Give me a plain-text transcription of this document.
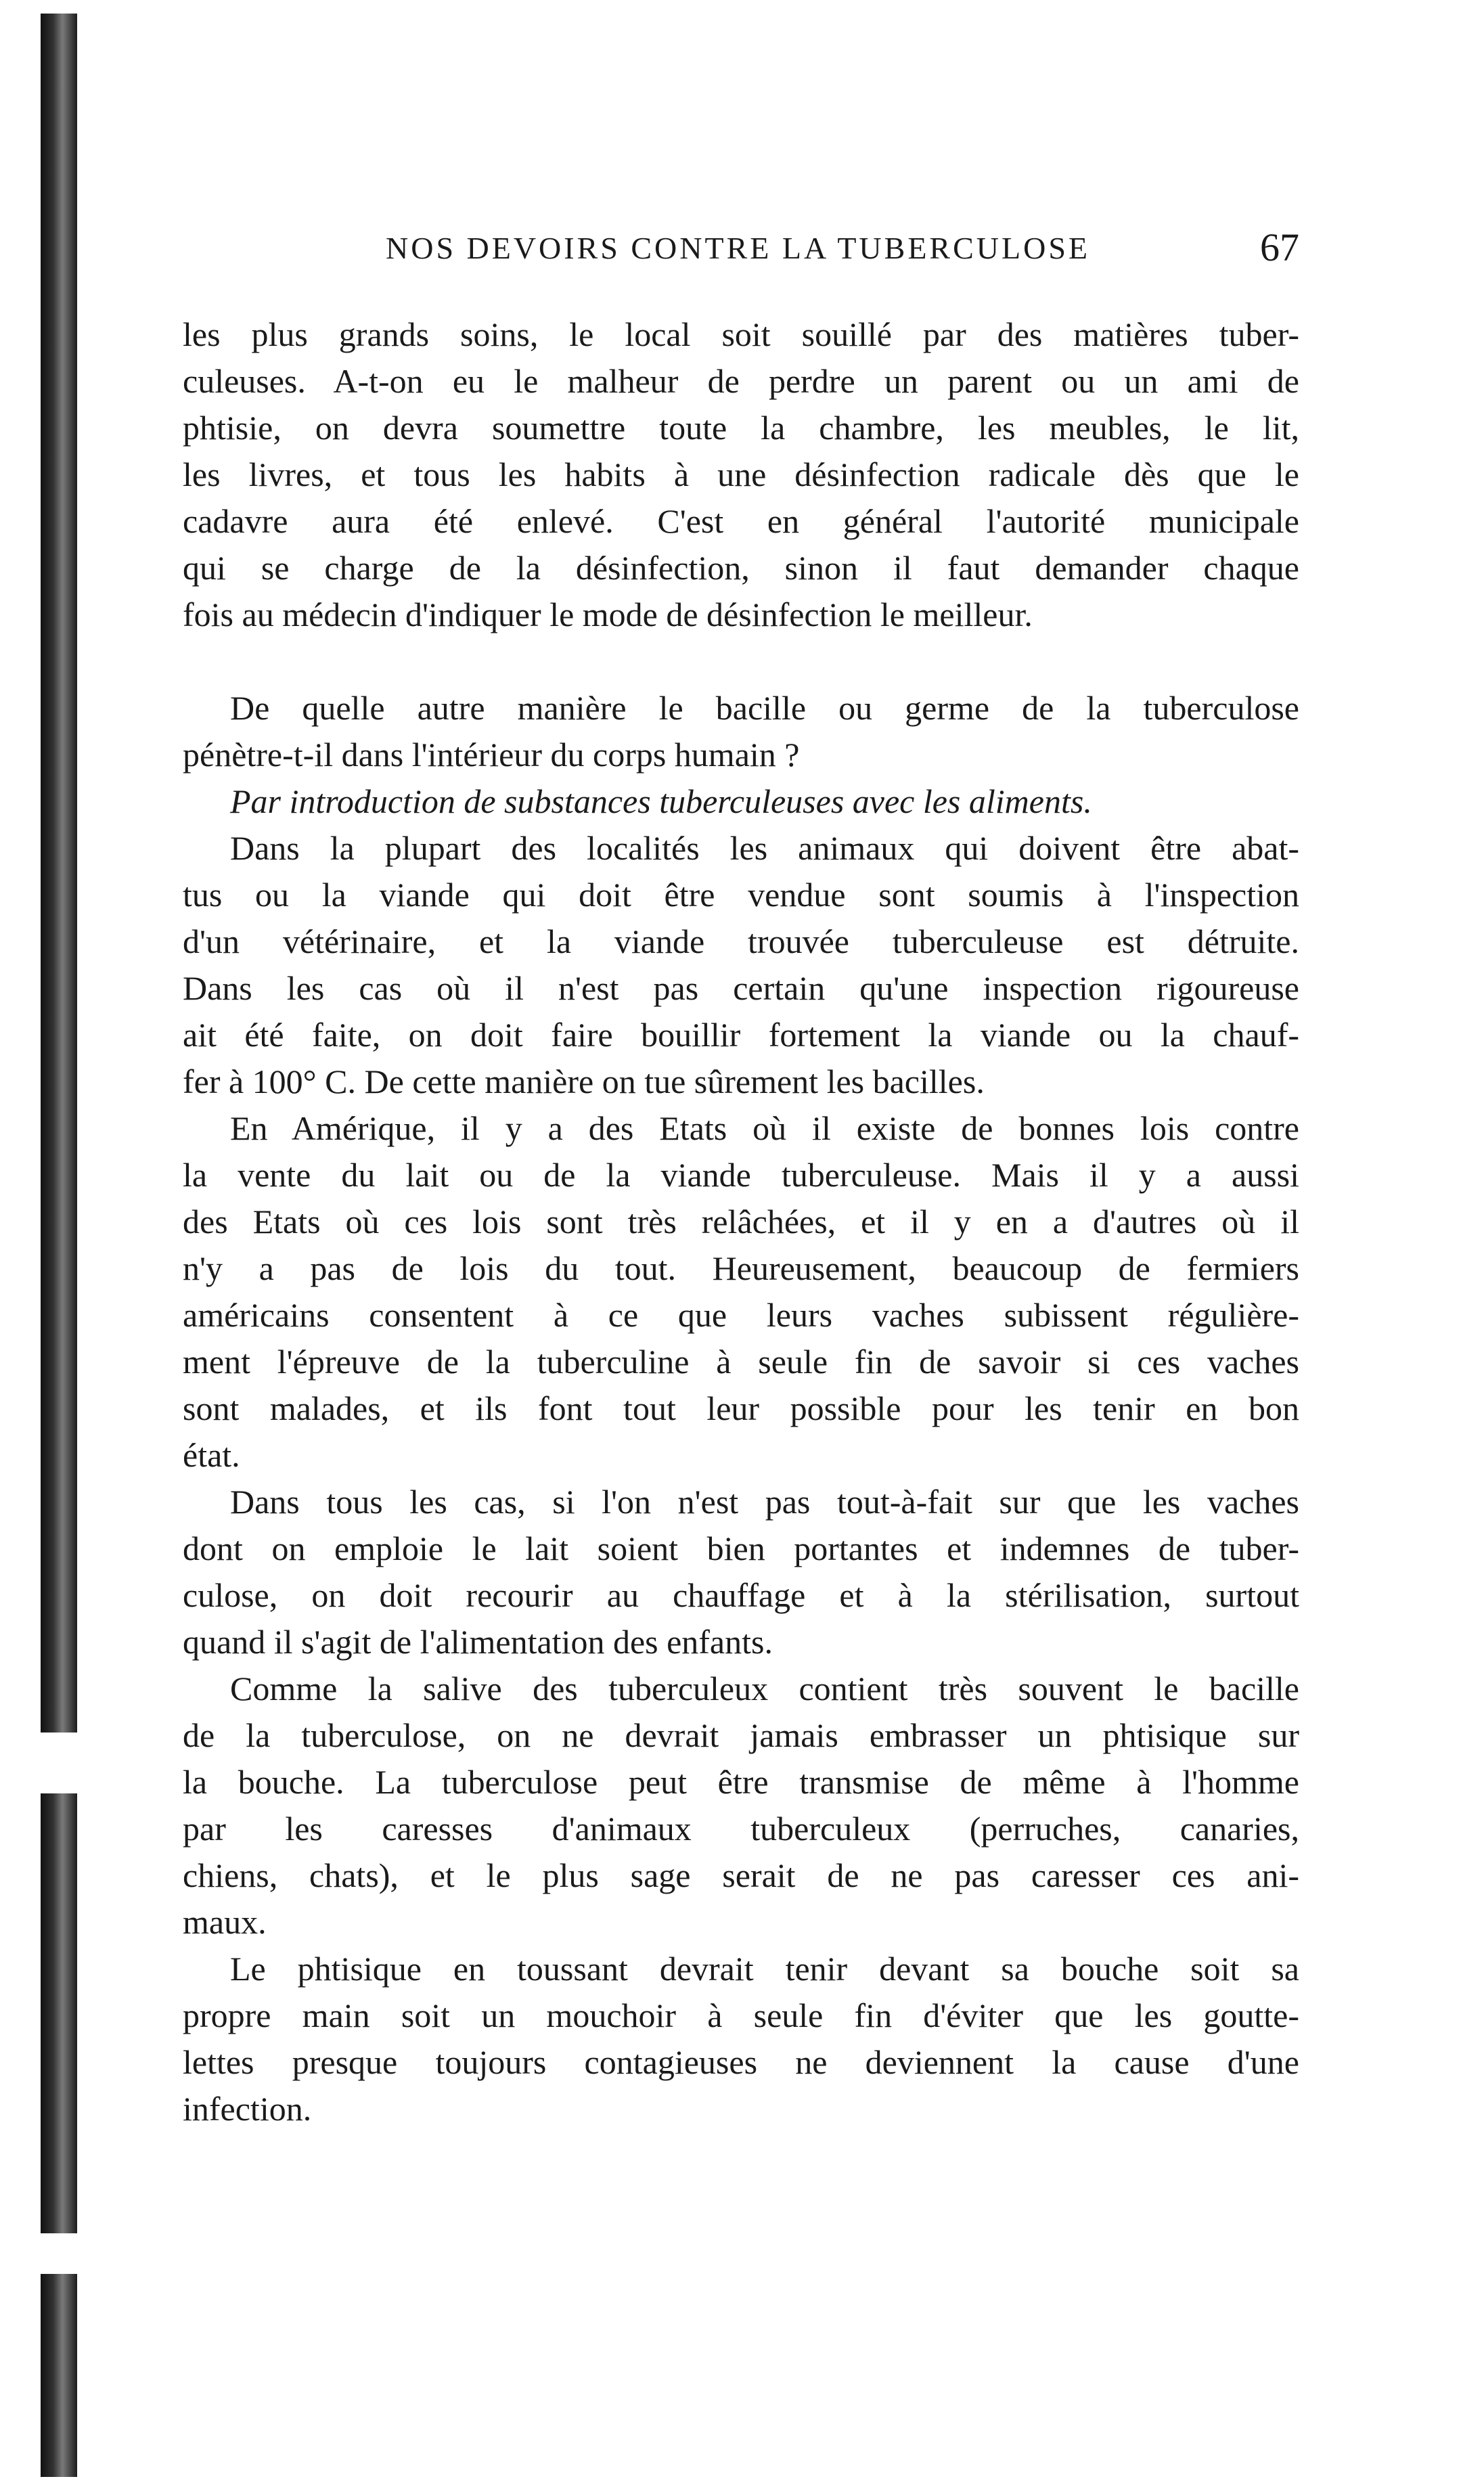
NOS DEVOIRS CONTRE LA TUBERCULOSE	67

les plus grands soins, le local soit souillé par des matières tuber-

culeuses. A-t-on eu le malheur de perdre un parent ou un ami de

phtisie, on devra soumettre toute la chambre, les meubles, le lit,

les livres, et tous les habits à une désinfection radicale dès que le

cadavre aura été enlevé. C'est en général l'autorité municipale

qui se charge de la désinfection, sinon il faut demander chaque

fois au médecin d'indiquer le mode de désinfection le meilleur.

De quelle autre manière le bacille ou germe de la tuberculose

pénètre-t-il dans l'intérieur du corps humain ?

Par introduction de substances tuberculeuses avec les aliments.

Dans la plupart des localités les animaux qui doivent être abat-

tus ou la viande qui doit être vendue sont soumis à l'inspection

d'un vétérinaire, et la viande trouvée tuberculeuse est détruite.

Dans les cas où il n'est pas certain qu'une inspection rigoureuse

ait été faite, on doit faire bouillir fortement la viande ou la chauf-

fer à 100° C. De cette manière on tue sûrement les bacilles.

En Amérique, il y a des Etats où il existe de bonnes lois contre

la vente du lait ou de la viande tuberculeuse. Mais il y a aussi

des Etats où ces lois sont très relâchées, et il y en a d'autres où il

n'y a pas de lois du tout. Heureusement, beaucoup de fermiers

américains consentent à ce que leurs vaches subissent régulière-

ment l'épreuve de la tuberculine à seule fin de savoir si ces vaches

sont malades, et ils font tout leur possible pour les tenir en bon

état.

Dans tous les cas, si l'on n'est pas tout-à-fait sur que les vaches

dont on emploie le lait soient bien portantes et indemnes de tuber-

culose, on doit recourir au chauffage et à la stérilisation, surtout

quand il s'agit de l'alimentation des enfants.

Comme la salive des tuberculeux contient très souvent le bacille

de la tuberculose, on ne devrait jamais embrasser un phtisique sur

la bouche. La tuberculose peut être transmise de même à l'homme

par les caresses d'animaux tuberculeux (perruches, canaries,

chiens, chats), et le plus sage serait de ne pas caresser ces ani-

maux.

Le phtisique en toussant devrait tenir devant sa bouche soit sa

propre main soit un mouchoir à seule fin d'éviter que les goutte-

lettes presque toujours contagieuses ne deviennent la cause d'une

infection.
